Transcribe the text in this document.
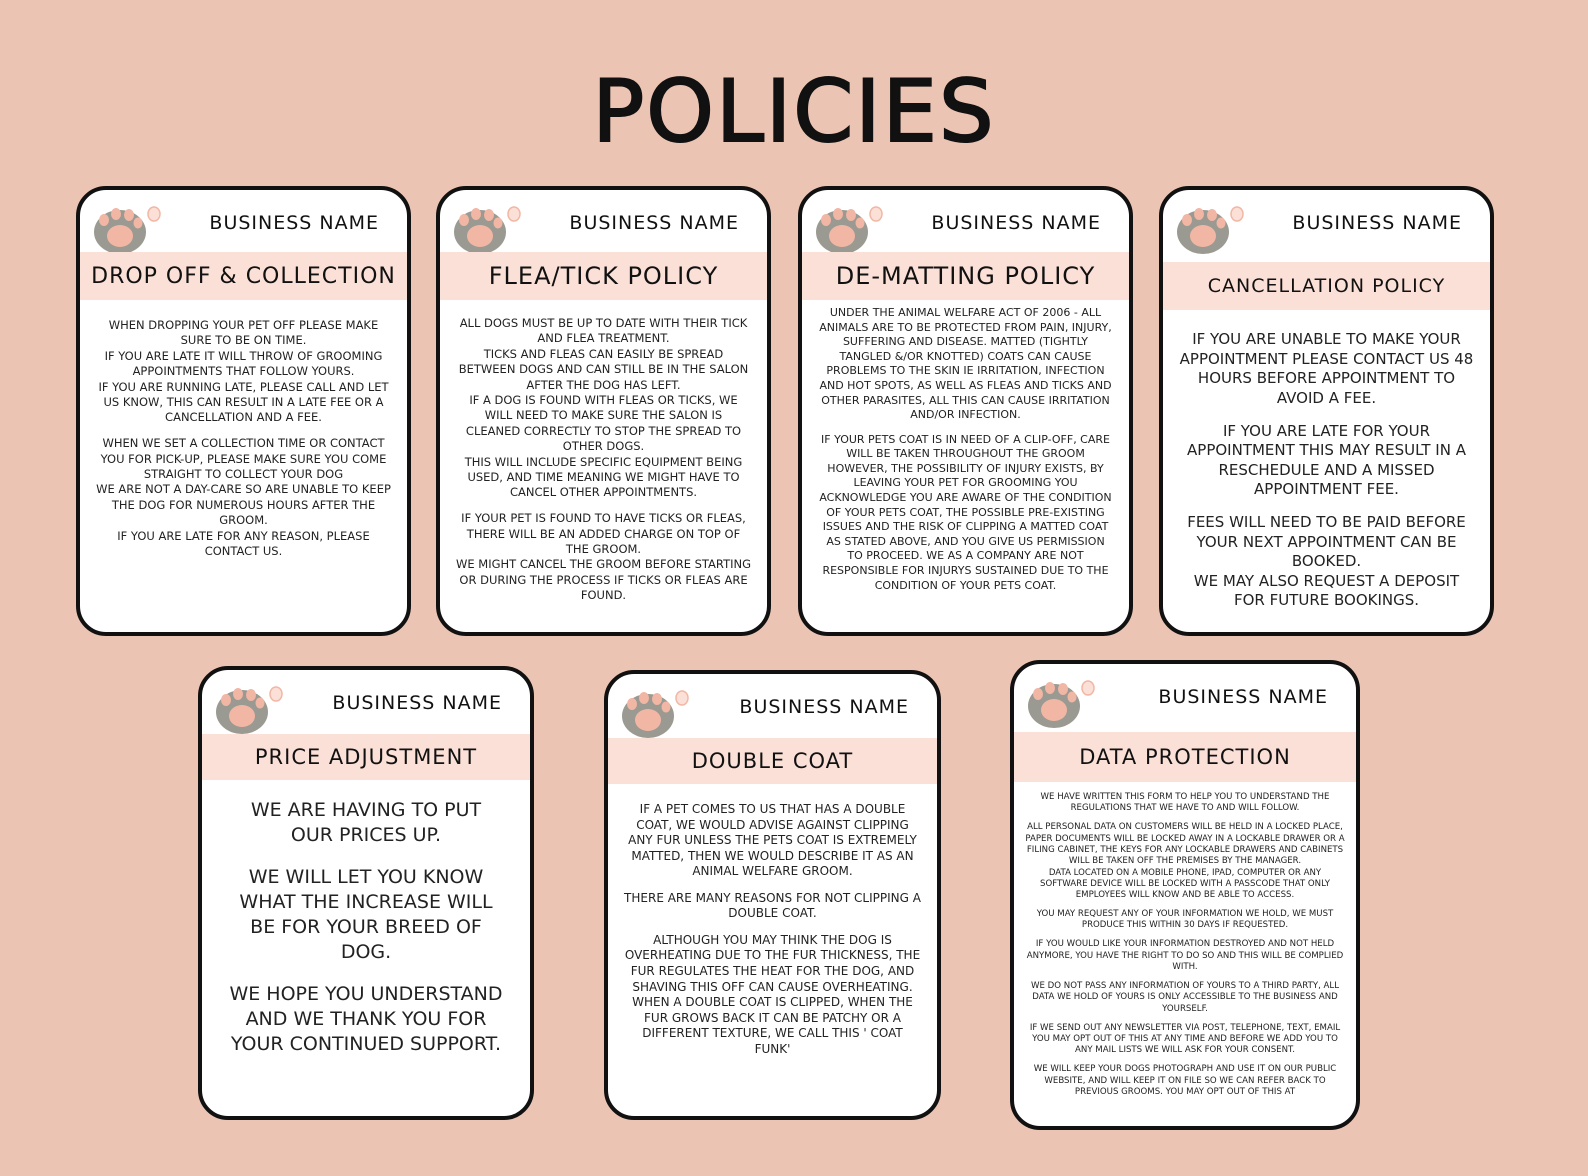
POLICIES
BUSINESS NAME
DROP OFF & COLLECTION

WHEN DROPPING YOUR PET OFF PLEASE MAKE SURE TO BE ON TIME.

IF YOU ARE LATE IT WILL THROW OF GROOMING APPOINTMENTS THAT FOLLOW YOURS.

IF YOU ARE RUNNING LATE, PLEASE CALL AND LET US KNOW, THIS CAN RESULT IN A LATE FEE OR A CANCELLATION AND A FEE.

WHEN WE SET A COLLECTION TIME OR CONTACT YOU FOR PICK-UP, PLEASE MAKE SURE YOU COME STRAIGHT TO COLLECT YOUR DOG

WE ARE NOT A DAY-CARE SO ARE UNABLE TO KEEP THE DOG FOR NUMEROUS HOURS AFTER THE GROOM.

IF YOU ARE LATE FOR ANY REASON, PLEASE CONTACT US.

BUSINESS NAME
FLEA/TICK POLICY

ALL DOGS MUST BE UP TO DATE WITH THEIR TICK AND FLEA TREATMENT.

TICKS AND FLEAS CAN EASILY BE SPREAD BETWEEN DOGS AND CAN STILL BE IN THE SALON AFTER THE DOG HAS LEFT.

IF A DOG IS FOUND WITH FLEAS OR TICKS, WE WILL NEED TO MAKE SURE THE SALON IS CLEANED CORRECTLY TO STOP THE SPREAD TO OTHER DOGS.

THIS WILL INCLUDE SPECIFIC EQUIPMENT BEING USED, AND TIME MEANING WE MIGHT HAVE TO CANCEL OTHER APPOINTMENTS.

IF YOUR PET IS FOUND TO HAVE TICKS OR FLEAS, THERE WILL BE AN ADDED CHARGE ON TOP OF THE GROOM.

WE MIGHT CANCEL THE GROOM BEFORE STARTING OR DURING THE PROCESS IF TICKS OR FLEAS ARE FOUND.

BUSINESS NAME
DE-MATTING POLICY

UNDER THE ANIMAL WELFARE ACT OF 2006 - ALL ANIMALS ARE TO BE PROTECTED FROM PAIN, INJURY, SUFFERING AND DISEASE. MATTED (TIGHTLY TANGLED &/OR KNOTTED) COATS CAN CAUSE PROBLEMS TO THE SKIN IE IRRITATION, INFECTION AND HOT SPOTS, AS WELL AS FLEAS AND TICKS AND OTHER PARASITES, ALL THIS CAN CAUSE IRRITATION AND/OR INFECTION.

IF YOUR PETS COAT IS IN NEED OF A CLIP-OFF, CARE WILL BE TAKEN THROUGHOUT THE GROOM HOWEVER, THE POSSIBILITY OF INJURY EXISTS, BY LEAVING YOUR PET FOR GROOMING YOU ACKNOWLEDGE YOU ARE AWARE OF THE CONDITION OF YOUR PETS COAT, THE POSSIBLE PRE-EXISTING ISSUES AND THE RISK OF CLIPPING A MATTED COAT AS STATED ABOVE, AND YOU GIVE US PERMISSION TO PROCEED. WE AS A COMPANY ARE NOT RESPONSIBLE FOR INJURYS SUSTAINED DUE TO THE CONDITION OF YOUR PETS COAT.

BUSINESS NAME
CANCELLATION POLICY

IF YOU ARE UNABLE TO MAKE YOUR APPOINTMENT PLEASE CONTACT US 48 HOURS BEFORE APPOINTMENT TO AVOID A FEE.

IF YOU ARE LATE FOR YOUR APPOINTMENT THIS MAY RESULT IN A RESCHEDULE AND A MISSED APPOINTMENT FEE.

FEES WILL NEED TO BE PAID BEFORE YOUR NEXT APPOINTMENT CAN BE BOOKED.

WE MAY ALSO REQUEST A DEPOSIT FOR FUTURE BOOKINGS.

BUSINESS NAME
PRICE ADJUSTMENT

WE ARE HAVING TO PUT OUR PRICES UP.

WE WILL LET YOU KNOW WHAT THE INCREASE WILL BE FOR YOUR BREED OF DOG.

WE HOPE YOU UNDERSTAND AND WE THANK YOU FOR YOUR CONTINUED SUPPORT.

BUSINESS NAME
DOUBLE COAT

IF A PET COMES TO US THAT HAS A DOUBLE COAT, WE WOULD ADVISE AGAINST CLIPPING ANY FUR UNLESS THE PETS COAT IS EXTREMELY MATTED, THEN WE WOULD DESCRIBE IT AS AN ANIMAL WELFARE GROOM.

THERE ARE MANY REASONS FOR NOT CLIPPING A DOUBLE COAT.

ALTHOUGH YOU MAY THINK THE DOG IS OVERHEATING DUE TO THE FUR THICKNESS, THE FUR REGULATES THE HEAT FOR THE DOG, AND SHAVING THIS OFF CAN CAUSE OVERHEATING.

WHEN A DOUBLE COAT IS CLIPPED, WHEN THE FUR GROWS BACK IT CAN BE PATCHY OR A DIFFERENT TEXTURE, WE CALL THIS ' COAT FUNK'

BUSINESS NAME
DATA PROTECTION

WE HAVE WRITTEN THIS FORM TO HELP YOU TO UNDERSTAND THE REGULATIONS THAT WE HAVE TO AND WILL FOLLOW.

ALL PERSONAL DATA ON CUSTOMERS WILL BE HELD IN A LOCKED PLACE, PAPER DOCUMENTS WILL BE LOCKED AWAY IN A LOCKABLE DRAWER OR A FILING CABINET, THE KEYS FOR ANY LOCKABLE DRAWERS AND CABINETS WILL BE TAKEN OFF THE PREMISES BY THE MANAGER.

DATA LOCATED ON A MOBILE PHONE, IPAD, COMPUTER OR ANY SOFTWARE DEVICE WILL BE LOCKED WITH A PASSCODE THAT ONLY EMPLOYEES WILL KNOW AND BE ABLE TO ACCESS.

YOU MAY REQUEST ANY OF YOUR INFORMATION WE HOLD, WE MUST PRODUCE THIS WITHIN 30 DAYS IF REQUESTED.

IF YOU WOULD LIKE YOUR INFORMATION DESTROYED AND NOT HELD ANYMORE, YOU HAVE THE RIGHT TO DO SO AND THIS WILL BE COMPLIED WITH.

WE DO NOT PASS ANY INFORMATION OF YOURS TO A THIRD PARTY, ALL DATA WE HOLD OF YOURS IS ONLY ACCESSIBLE TO THE BUSINESS AND YOURSELF.

IF WE SEND OUT ANY NEWSLETTER VIA POST, TELEPHONE, TEXT, EMAIL YOU MAY OPT OUT OF THIS AT ANY TIME AND BEFORE WE ADD YOU TO ANY MAIL LISTS WE WILL ASK FOR YOUR CONSENT.

WE WILL KEEP YOUR DOGS PHOTOGRAPH AND USE IT ON OUR PUBLIC WEBSITE, AND WILL KEEP IT ON FILE SO WE CAN REFER BACK TO PREVIOUS GROOMS. YOU MAY OPT OUT OF THIS AT
